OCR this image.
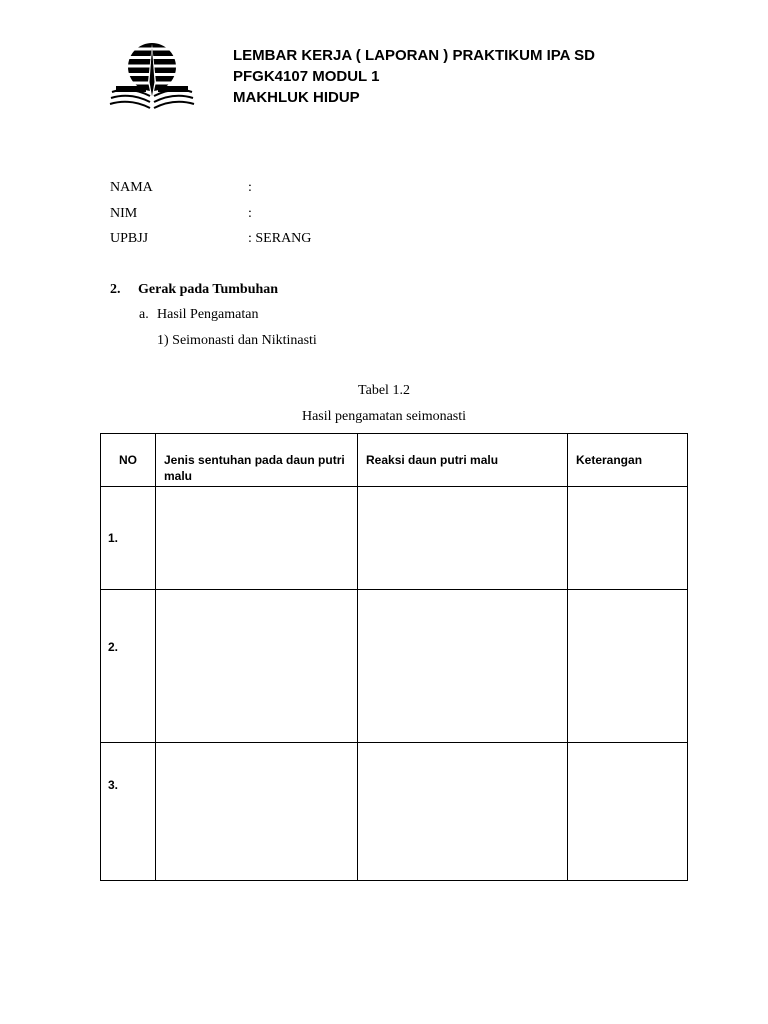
LEMBAR KERJA ( LAPORAN ) PRAKTIKUM IPA SD
PFGK4107 MODUL 1
MAKHLUK HIDUP
NAMA	:
NIM	:
UPBJJ	: SERANG
2. Gerak pada Tumbuhan
a. Hasil Pengamatan
1) Seimonasti dan Niktinasti
Tabel 1.2
Hasil pengamatan seimonasti
NO	Jenis sentuhan pada daun putri malu	Reaksi daun putri malu	Keterangan

1.			
2.			
3.			
